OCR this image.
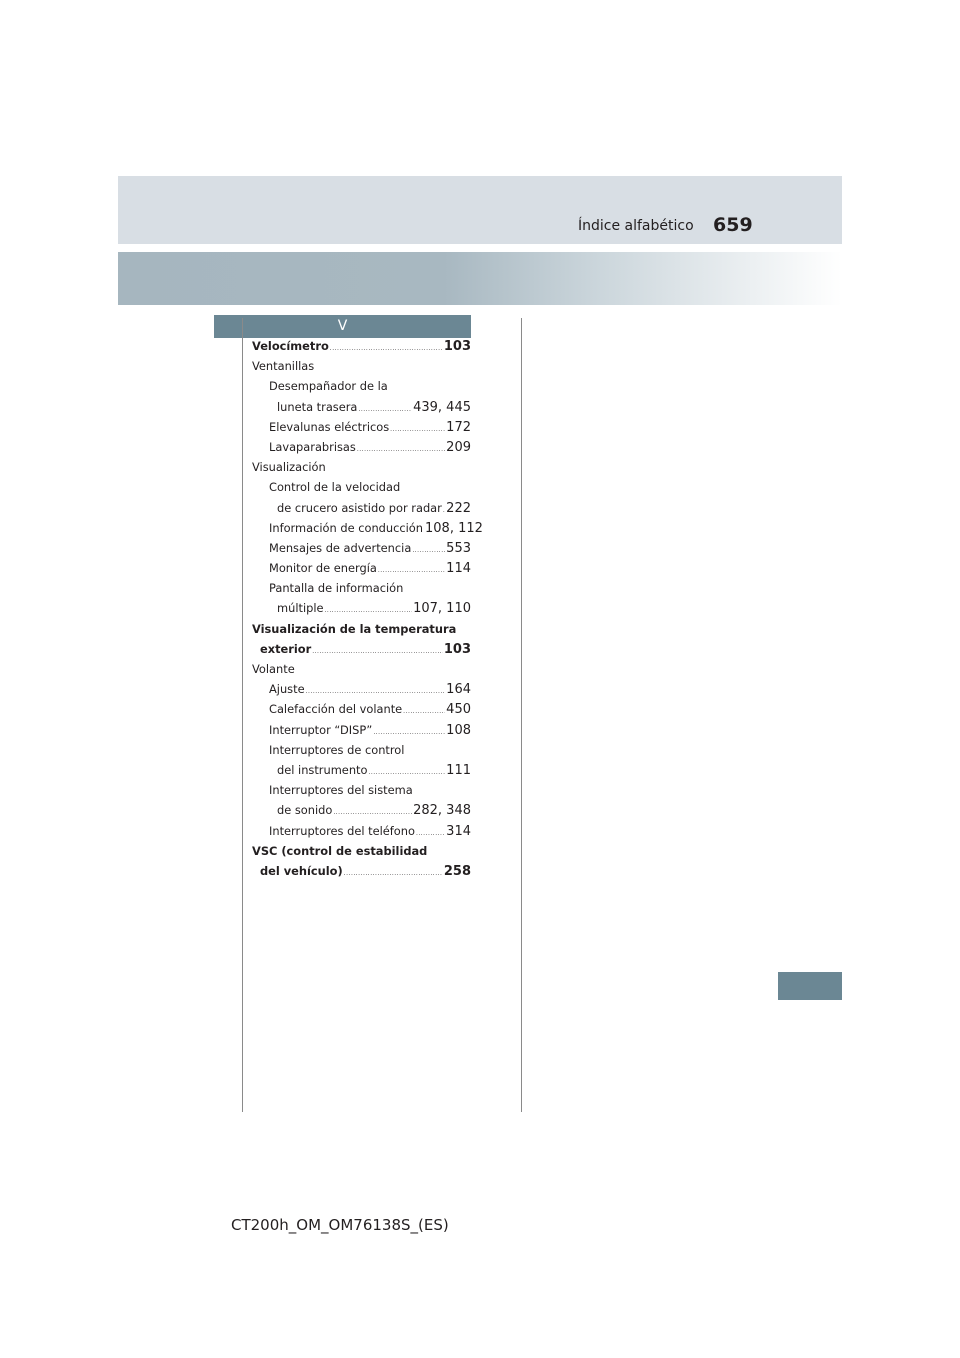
Índice alfabético 659
V
Velocímetro .....	103
Ventanillas
Desempañador de la
luneta trasera .....	439, 445
Elevalunas eléctricos .....	172
Lavaparabrisas .....	209
Visualización
Control de la velocidad
de crucero asistido por radar ..... 222
Información de conducción 108, 112
Mensajes de advertencia .....	553
Monitor de energía .....	114
Pantalla de información
múltiple .....	107, 110
Visualización de la temperatura
exterior .....	103
Volante
Ajuste .....	164
Calefacción del volante .....	450
Interruptor “DISP” .....	108
Interruptores de control
del instrumento .....	111
Interruptores del sistema
de sonido .....	282, 348
Interruptores del teléfono ..... 314
VSC (control de estabilidad
del vehículo) .....	258
CT200h_OM_OM76138S_(ES)
